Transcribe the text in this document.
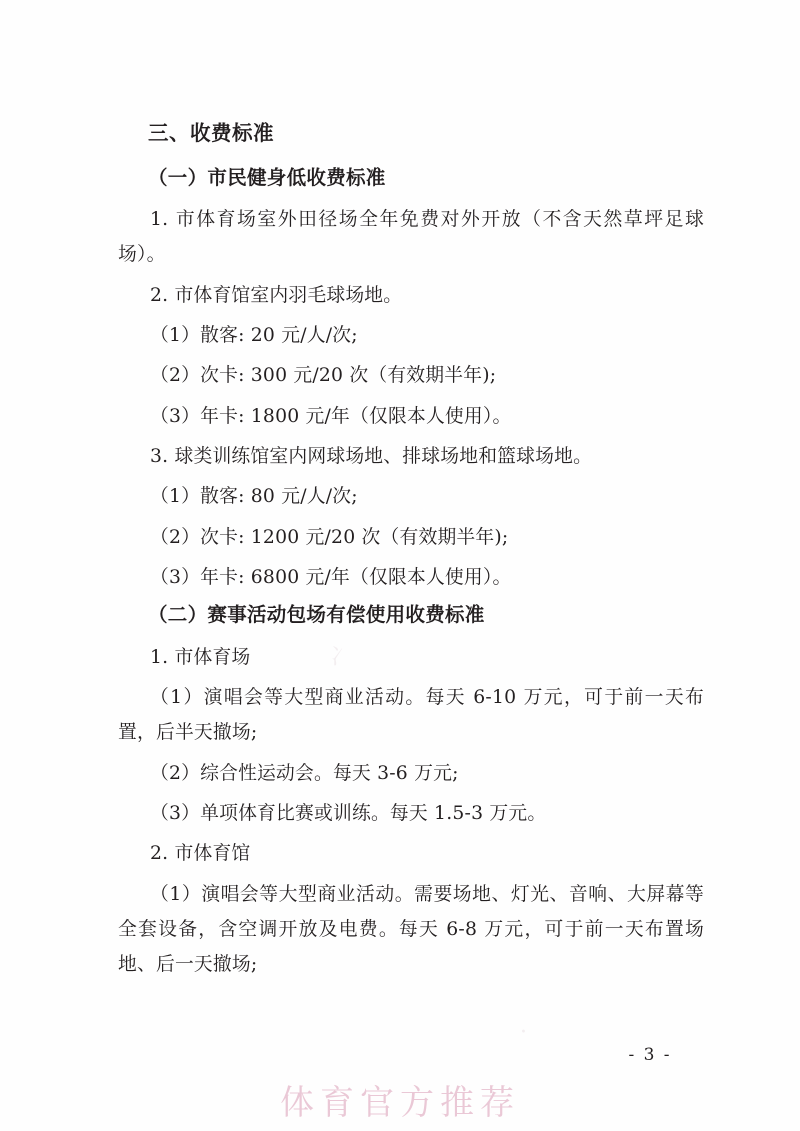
冫
·
三、收费标准
（一）市民健身低收费标准

1. 市体育场室外田径场全年免费对外开放（不含天然草坪足球场）。

2. 市体育馆室内羽毛球场地。

（1）散客: 20 元/人/次;

（2）次卡: 300 元/20 次（有效期半年);

（3）年卡: 1800 元/年（仅限本人使用）。

3. 球类训练馆室内网球场地、排球场地和篮球场地。

（1）散客: 80 元/人/次;

（2）次卡: 1200 元/20 次（有效期半年);

（3）年卡: 6800 元/年（仅限本人使用）。

（二）赛事活动包场有偿使用收费标准

1. 市体育场

（1）演唱会等大型商业活动。每天 6-10 万元，可于前一天布置，后半天撤场;

（2）综合性运动会。每天 3-6 万元;

（3）单项体育比赛或训练。每天 1.5-3 万元。

2. 市体育馆

（1）演唱会等大型商业活动。需要场地、灯光、音响、大屏幕等全套设备，含空调开放及电费。每天 6-8 万元，可于前一天布置场地、后一天撤场;

- 3 -
体育官方推荐
